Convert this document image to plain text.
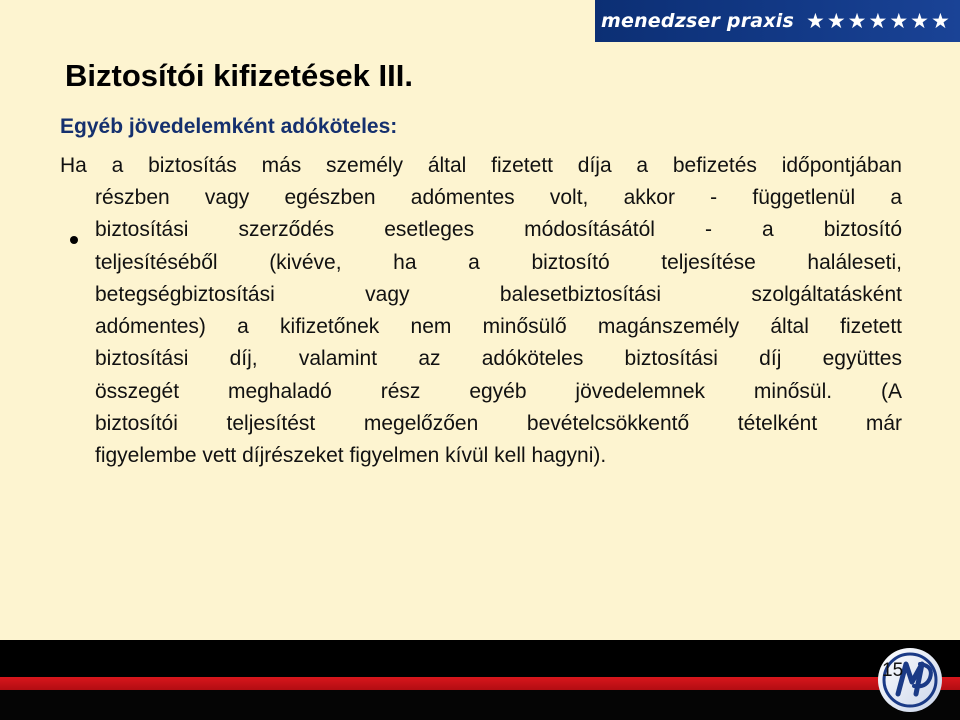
menedzser praxis ★ ★ ★ ★ ★ ★ ★
Biztosítói kifizetések III.
Egyéb jövedelemként adóköteles:
Ha a biztosítás más személy által fizetett díja a befizetés időpontjában
részben vagy egészben adómentes volt, akkor - függetlenül a
biztosítási szerződés esetleges módosításától - a biztosító
teljesítéséből (kivéve, ha a biztosító teljesítése haláleseti,
betegségbiztosítási vagy balesetbiztosítási szolgáltatásként
adómentes) a kifizetőnek nem minősülő magánszemély által fizetett
biztosítási díj, valamint az adóköteles biztosítási díj együttes
összegét meghaladó rész egyéb jövedelemnek minősül. (A
biztosítói teljesítést megelőzően bevételcsökkentő tételként már
figyelembe vett díjrészeket figyelmen kívül kell hagyni).
15
